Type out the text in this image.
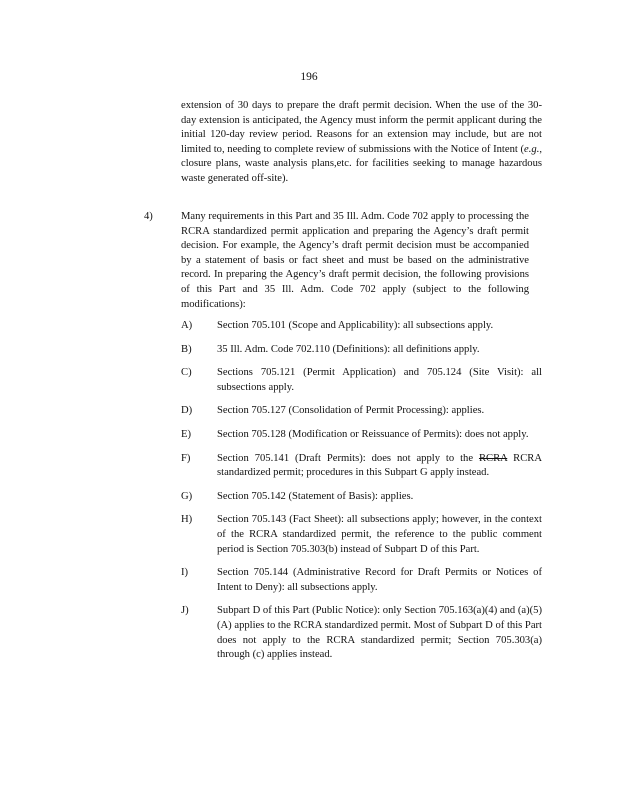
196
extension of 30 days to prepare the draft permit decision. When the use of the 30-day extension is anticipated, the Agency must inform the permit applicant during the initial 120-day review period. Reasons for an extension may include, but are not limited to, needing to complete review of submissions with the Notice of Intent (e.g., closure plans, waste analysis plans,etc. for facilities seeking to manage hazardous waste generated off-site).
4)	Many requirements in this Part and 35 Ill. Adm. Code 702 apply to processing the RCRA standardized permit application and preparing the Agency’s draft permit decision. For example, the Agency’s draft permit decision must be accompanied by a statement of basis or fact sheet and must be based on the administrative record. In preparing the Agency’s draft permit decision, the following provisions of this Part and 35 Ill. Adm. Code 702 apply (subject to the following modifications):
A)	Section 705.101 (Scope and Applicability): all subsections apply.
B)	35 Ill. Adm. Code 702.110 (Definitions): all definitions apply.
C)	Sections 705.121 (Permit Application) and 705.124 (Site Visit): all subsections apply.
D)	Section 705.127 (Consolidation of Permit Processing): applies.
E)	Section 705.128 (Modification or Reissuance of Permits): does not apply.
F)	Section 705.141 (Draft Permits): does not apply to the RCRA RCRA standardized permit; procedures in this Subpart G apply instead.
G)	Section 705.142 (Statement of Basis): applies.
H)	Section 705.143 (Fact Sheet): all subsections apply; however, in the context of the RCRA standardized permit, the reference to the public comment period is Section 705.303(b) instead of Subpart D of this Part.
I)	Section 705.144 (Administrative Record for Draft Permits or Notices of Intent to Deny): all subsections apply.
J)	Subpart D of this Part (Public Notice): only Section 705.163(a)(4) and (a)(5)(A) applies to the RCRA standardized permit. Most of Subpart D of this Part does not apply to the RCRA standardized permit; Section 705.303(a) through (c) applies instead.
